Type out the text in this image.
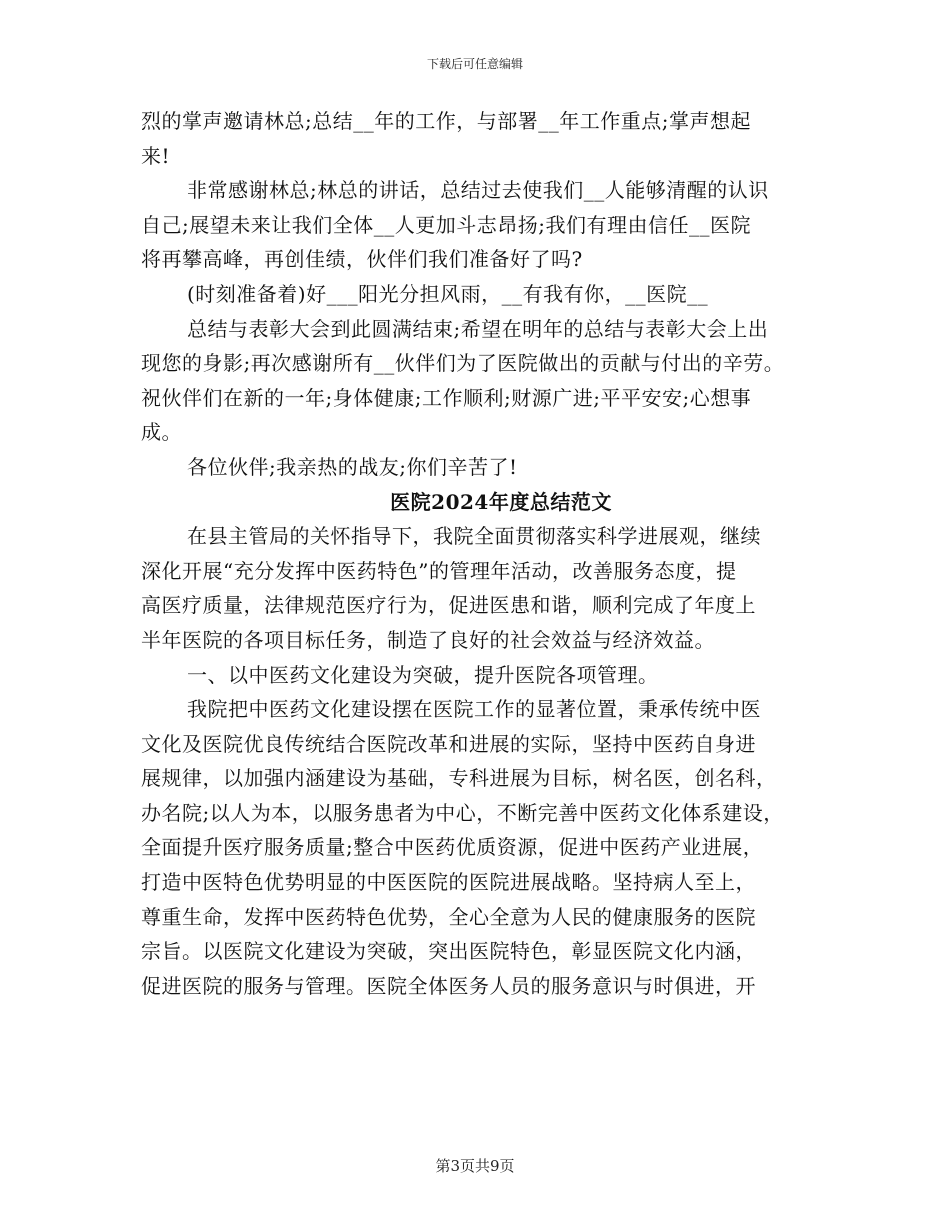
下载后可任意编辑
烈的掌声邀请林总;总结__年的工作，与部署__年工作重点;掌声想起
来!
非常感谢林总;林总的讲话，总结过去使我们__人能够清醒的认识
自己;展望未来让我们全体__人更加斗志昂扬;我们有理由信任__医院
将再攀高峰，再创佳绩，伙伴们我们准备好了吗?
(时刻准备着)好___阳光分担风雨，__有我有你，__医院__
总结与表彰大会到此圆满结束;希望在明年的总结与表彰大会上出
现您的身影;再次感谢所有__伙伴们为了医院做出的贡献与付出的辛劳。
祝伙伴们在新的一年;身体健康;工作顺利;财源广进;平平安安;心想事
成。
各位伙伴;我亲热的战友;你们辛苦了!
医院2024年度总结范文
在县主管局的关怀指导下，我院全面贯彻落实科学进展观，继续
深化开展“充分发挥中医药特色”的管理年活动，改善服务态度，提
高医疗质量，法律规范医疗行为，促进医患和谐，顺利完成了年度上
半年医院的各项目标任务，制造了良好的社会效益与经济效益。
一、以中医药文化建设为突破，提升医院各项管理。
我院把中医药文化建设摆在医院工作的显著位置，秉承传统中医
文化及医院优良传统结合医院改革和进展的实际，坚持中医药自身进
展规律，以加强内涵建设为基础，专科进展为目标，树名医，创名科，
办名院;以人为本，以服务患者为中心，不断完善中医药文化体系建设，
全面提升医疗服务质量;整合中医药优质资源，促进中医药产业进展，
打造中医特色优势明显的中医医院的医院进展战略。坚持病人至上，
尊重生命，发挥中医药特色优势，全心全意为人民的健康服务的医院
宗旨。以医院文化建设为突破，突出医院特色，彰显医院文化内涵，
促进医院的服务与管理。医院全体医务人员的服务意识与时俱进，开
第3页共9页
